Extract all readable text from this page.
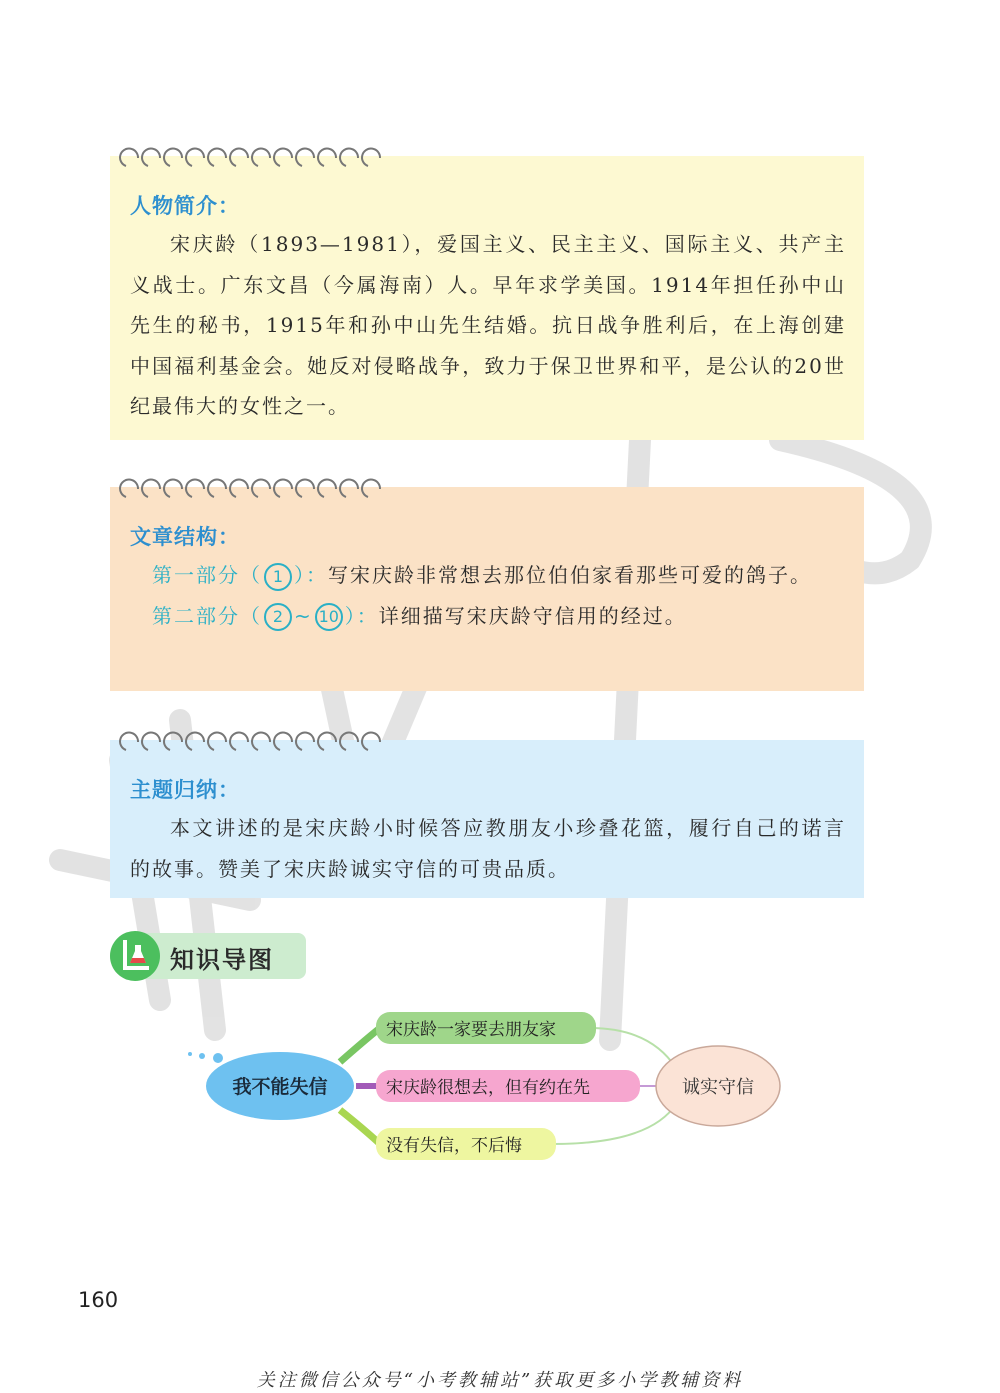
人物简介：

宋庆龄（1893—1981），爱国主义、民主主义、国际主义、共产主义战士。广东文昌（今属海南）人。早年求学美国。1914年担任孙中山先生的秘书，1915年和孙中山先生结婚。抗日战争胜利后，在上海创建中国福利基金会。她反对侵略战争，致力于保卫世界和平，是公认的20世纪最伟大的女性之一。

文章结构：

第一部分（ 1 ）：写宋庆龄非常想去那位伯伯家看那些可爱的鸽子。

第二部分（ 2 ~ 10 ）：详细描写宋庆龄守信用的经过。

主题归纳：

本文讲述的是宋庆龄小时候答应教朋友小珍叠花篮，履行自己的诺言的故事。赞美了宋庆龄诚实守信的可贵品质。

知识导图
我不能失信
宋庆龄一家要去朋友家
宋庆龄很想去，但有约在先
没有失信，不后悔
诚实守信
160
关注微信公众号“小考教辅站”获取更多小学教辅资料
